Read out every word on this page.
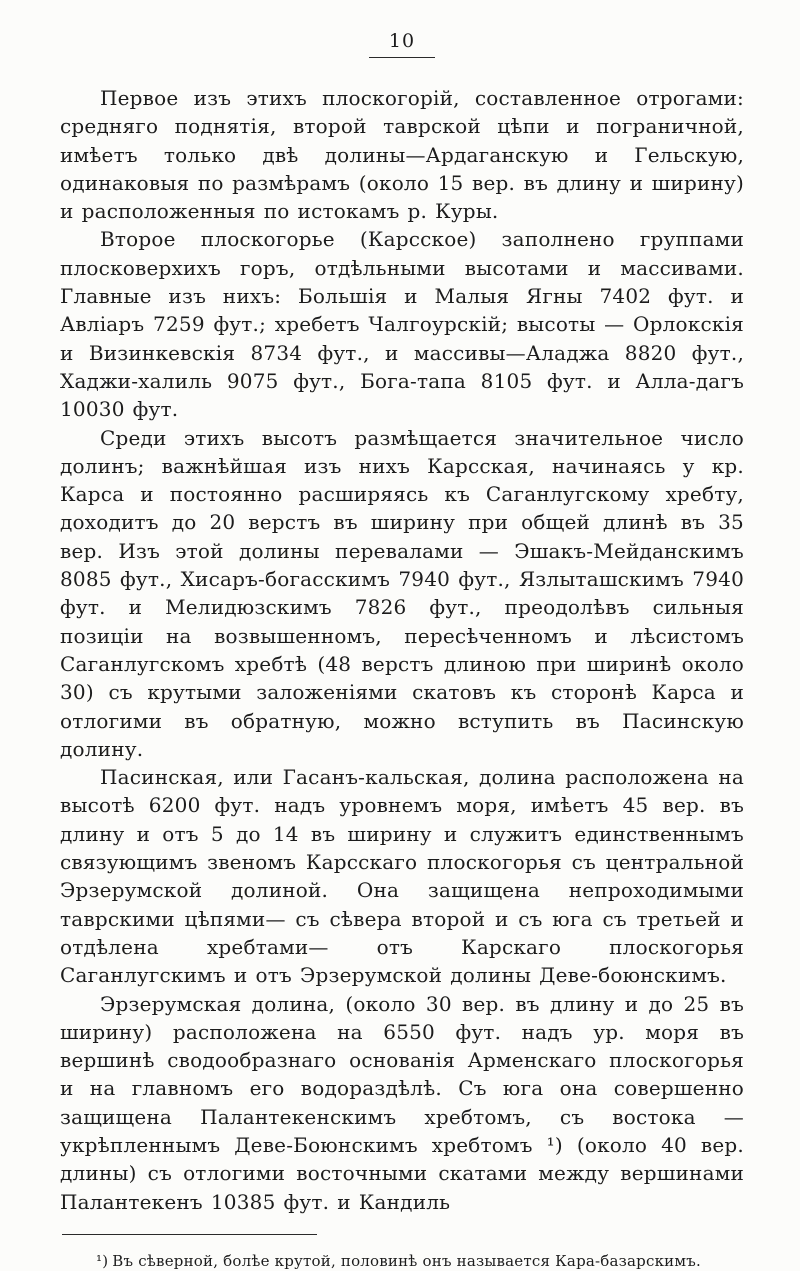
10

Первое изъ этихъ плоскогорій, составленное отрогами: средняго поднятія, второй таврской цѣпи и пограничной, имѣетъ только двѣ долины—Ардаганскую и Гельскую, одинаковыя по размѣрамъ (около 15 вер. въ длину и ширину) и расположенныя по истокамъ р. Куры.

Второе плоскогорье (Карсское) заполнено группами плосковерхихъ горъ, отдѣльными высотами и массивами. Главные изъ нихъ: Большія и Малыя Ягны 7402 фут. и Авліаръ 7259 фут.; хребетъ Чалгоурскій; высоты — Орлокскія и Визинкевскія 8734 фут., и массивы—Аладжа 8820 фут., Хаджи-халиль 9075 фут., Бога-тапа 8105 фут. и Алла-дагъ 10030 фут.

Среди этихъ высотъ размѣщается значительное число долинъ; важнѣйшая изъ нихъ Карсская, начинаясь у кр. Карса и постоянно расширяясь къ Саганлугскому хребту, доходитъ до 20 верстъ въ ширину при общей длинѣ въ 35 вер. Изъ этой долины перевалами — Эшакъ-Мейданскимъ 8085 фут., Хисаръ-богасскимъ 7940 фут., Язлыташскимъ 7940 фут. и Мелидюзскимъ 7826 фут., преодолѣвъ сильныя позиціи на возвышенномъ, пересѣченномъ и лѣсистомъ Саганлугскомъ хребтѣ (48 верстъ длиною при ширинѣ около 30) съ крутыми заложеніями скатовъ къ сторонѣ Карса и отлогими въ обратную, можно вступить въ Пасинскую долину.

Пасинская, или Гасанъ-кальская, долина расположена на высотѣ 6200 фут. надъ уровнемъ моря, имѣетъ 45 вер. въ длину и отъ 5 до 14 въ ширину и служитъ единственнымъ связующимъ звеномъ Карсскаго плоскогорья съ центральной Эрзерумской долиной. Она защищена непроходимыми таврскими цѣпями— съ сѣвера второй и съ юга съ третьей и отдѣлена хребтами— отъ Карскаго плоскогорья Саганлугскимъ и отъ Эрзерумской долины Деве-боюнскимъ.

Эрзерумская долина, (около 30 вер. въ длину и до 25 въ ширину) расположена на 6550 фут. надъ ур. моря въ вершинѣ сводообразнаго основанія Арменскаго плоскогорья и на главномъ его водораздѣлѣ. Съ юга она совершенно защищена Палантекенскимъ хребтомъ, съ востока — укрѣпленнымъ Деве-Боюнскимъ хребтомъ ¹) (около 40 вер. длины) съ отлогими восточными скатами между вершинами Палантекенъ 10385 фут. и Кандиль

¹) Въ сѣверной, болѣе крутой, половинѣ онъ называется Кара-базарскимъ.
